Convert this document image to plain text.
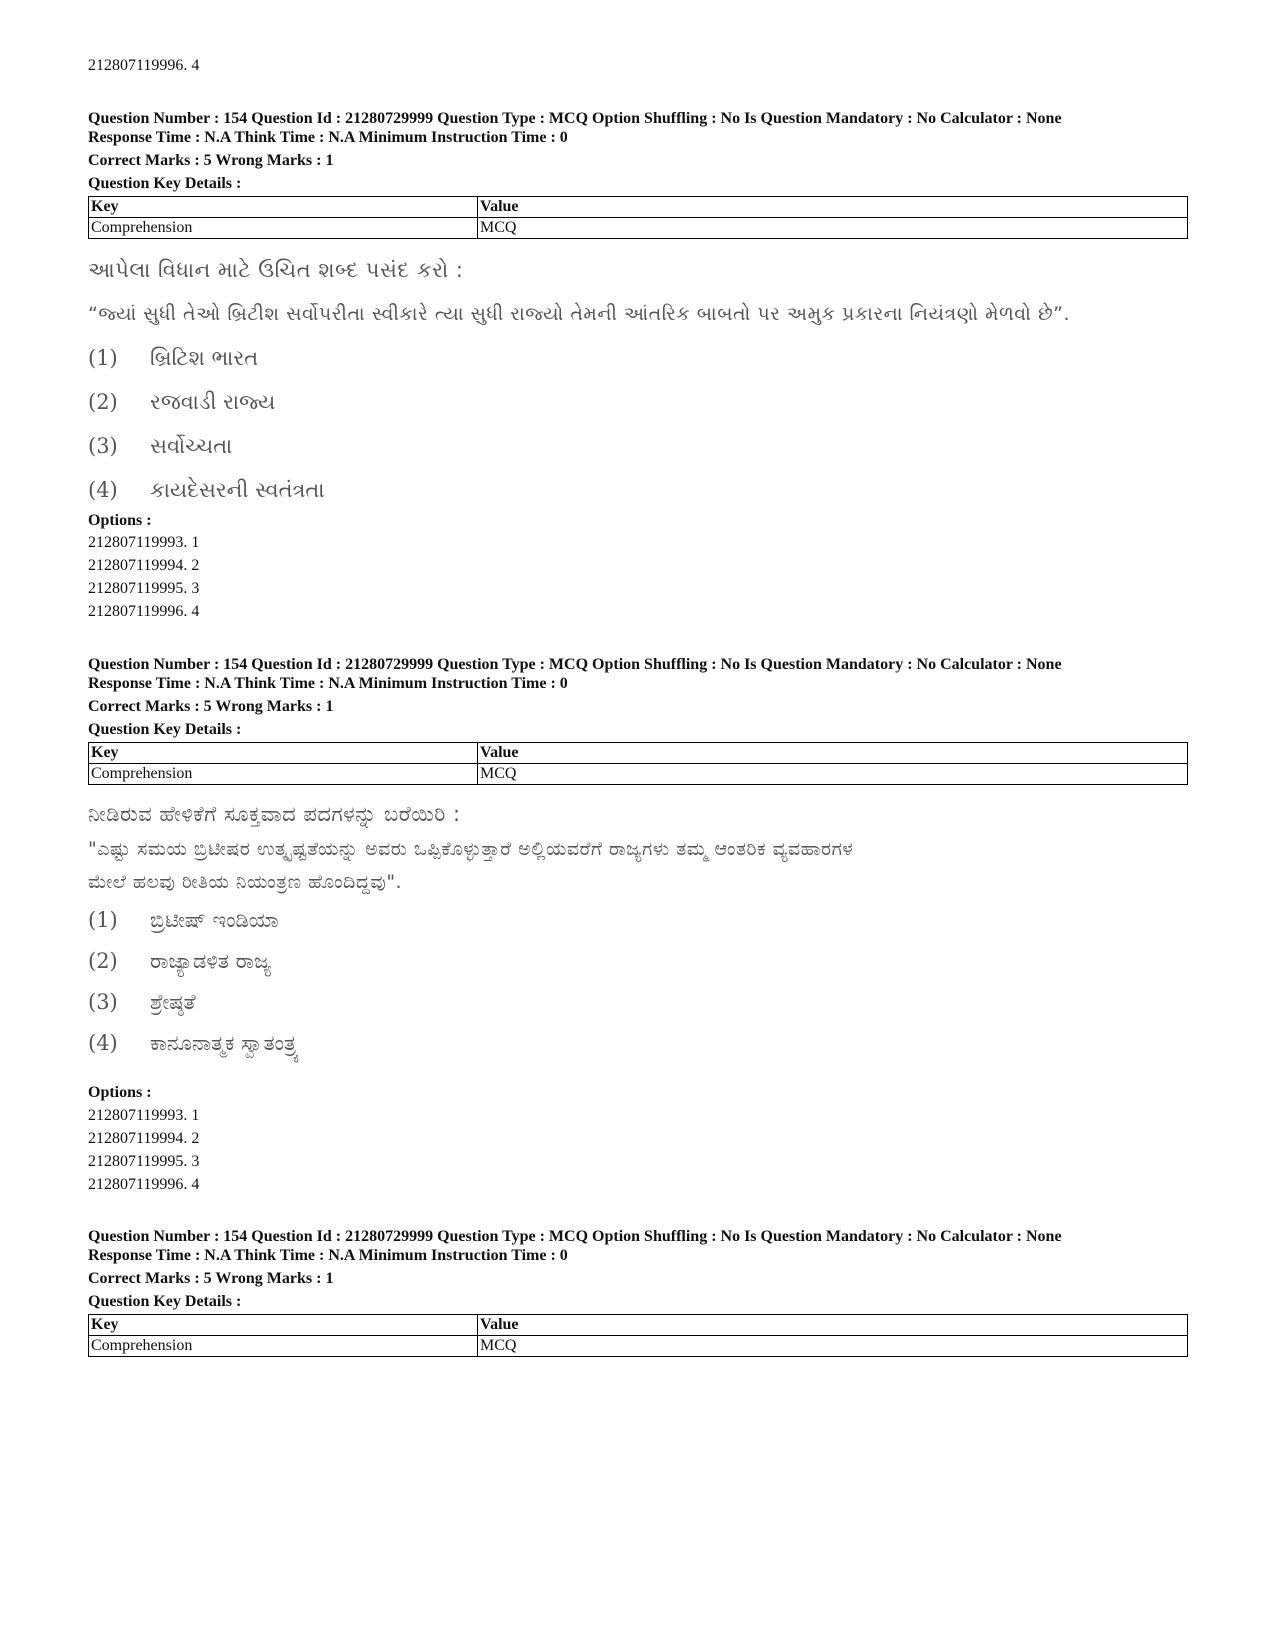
212807119996. 4
Question Number : 154 Question Id : 21280729999 Question Type : MCQ Option Shuffling : No Is Question Mandatory : No Calculator : None
Response Time : N.A Think Time : N.A Minimum Instruction Time : 0
Correct Marks : 5 Wrong Marks : 1
Question Key Details :
Key	Value
Comprehension	MCQ
આપેલા વિધાન માટે ઉચિત શબ્દ પસંદ કરો :
“જ્યાં સુધી તેઓ બ્રિટીશ સર્વોપરીતા સ્વીકારે ત્યા સુધી રાજ્યો તેમની આંતરિક બાબતો પર અમુક પ્રકારના નિયંત્રણો મેળવો છે”.
(1) બ્રિટિશ ભારત
(2) રજવાડી રાજ્ય
(3) સર્વોચ્ચતા
(4) કાયદેસરની સ્વતંત્રતા
Options :
212807119993. 1
212807119994. 2
212807119995. 3
212807119996. 4
Question Number : 154 Question Id : 21280729999 Question Type : MCQ Option Shuffling : No Is Question Mandatory : No Calculator : None
Response Time : N.A Think Time : N.A Minimum Instruction Time : 0
Correct Marks : 5 Wrong Marks : 1
Question Key Details :
Key	Value
Comprehension	MCQ
ನೀಡಿರುವ ಹೇಳಿಕೆಗೆ ಸೂಕ್ತವಾದ ಪದಗಳನ್ನು ಬರೆಯಿರಿ :
"ಎಷ್ಟು ಸಮಯ ಬ್ರಿಟೀಷರ ಉತ್ಕೃಷ್ಟತೆಯನ್ನು ಅವರು ಒಪ್ಪಿಕೊಳ್ಳುತ್ತಾರೆ ಅಲ್ಲಿಯವರೆಗೆ ರಾಜ್ಯಗಳು ತಮ್ಮ ಆಂತರಿಕ ವ್ಯವಹಾರಗಳ
ಮೇಲೆ ಹಲವು ರೀತಿಯ ನಿಯಂತ್ರಣ ಹೊಂದಿದ್ದವು".
(1) ಬ್ರಿಟೀಷ್ ಇಂಡಿಯಾ
(2) ರಾಜ್ಯಾಡಳಿತ ರಾಜ್ಯ
(3) ಶ್ರೇಷ್ಠತೆ
(4) ಕಾನೂನಾತ್ಮಕ ಸ್ವಾತಂತ್ರ್ಯ
Options :
212807119993. 1
212807119994. 2
212807119995. 3
212807119996. 4
Question Number : 154 Question Id : 21280729999 Question Type : MCQ Option Shuffling : No Is Question Mandatory : No Calculator : None
Response Time : N.A Think Time : N.A Minimum Instruction Time : 0
Correct Marks : 5 Wrong Marks : 1
Question Key Details :
Key	Value
Comprehension	MCQ
